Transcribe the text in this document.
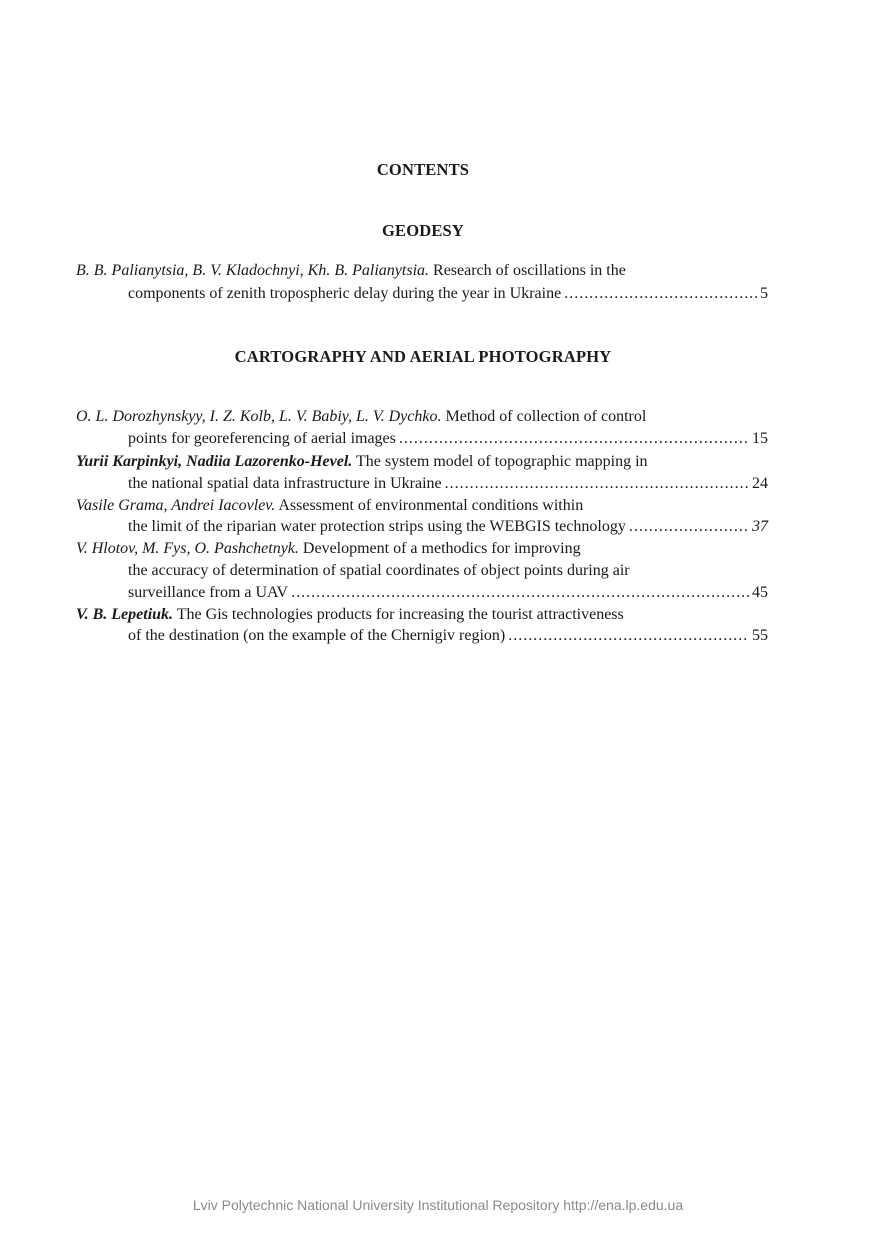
CONTENTS
GEODESY
B. B. Palianytsia, B. V. Kladochnyi, Kh. B. Palianytsia. Research of oscillations in the
components of zenith tropospheric delay during the year in Ukraine .....	5
CARTOGRAPHY AND AERIAL PHOTOGRAPHY
O. L. Dorozhynskyy, I. Z. Kolb, L. V. Babiy, L. V. Dychko. Method of collection of control
points for georeferencing of aerial images .....	15
Yurii Karpinkyi, Nadiia Lazorenko-Hevel. The system model of topographic mapping in
the national spatial data infrastructure in Ukraine .....	24
Vasile Grama, Andrei Iacovlev. Assessment of environmental conditions within
the limit of the riparian water protection strips using the WEBGIS technology .....	37
V. Hlotov, M. Fys, O. Pashchetnyk. Development of a methodics for improving
the accuracy of determination of spatial coordinates of object points during air
surveillance from a UAV .....	45
V. B. Lepetiuk. The Gis technologies products for increasing the tourist attractiveness
of the destination (on the example of the Chernigiv region) .....	55
Lviv Polytechnic National University Institutional Repository http://ena.lp.edu.ua
